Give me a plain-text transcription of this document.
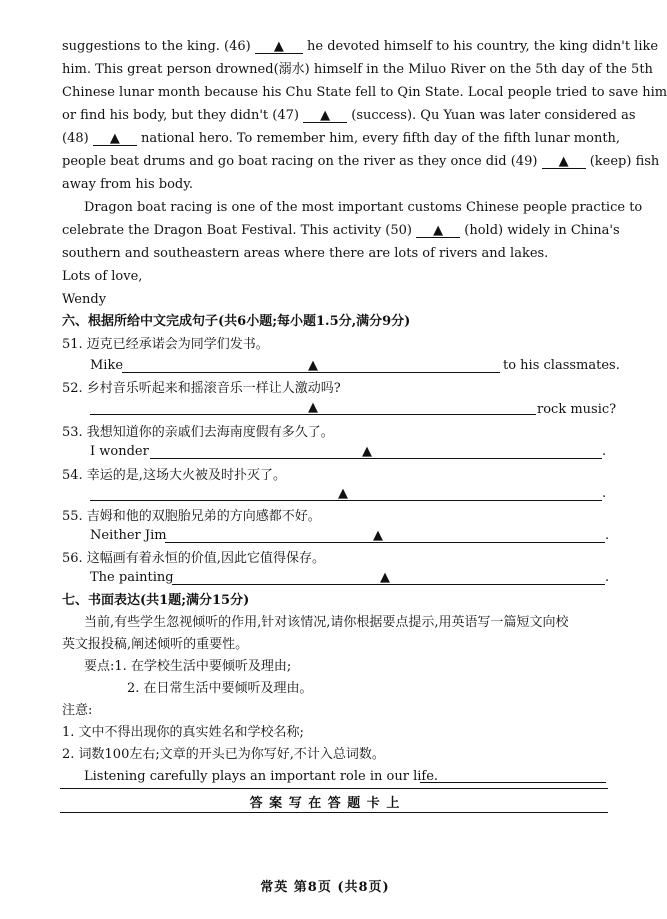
suggestions to the king. (46) ▲ he devoted himself to his country, the king didn't like
him. This great person drowned(溺水) himself in the Miluo River on the 5th day of the 5th
Chinese lunar month because his Chu State fell to Qin State. Local people tried to save him
or find his body, but they didn't (47) ▲ (success). Qu Yuan was later considered as
(48) ▲ national hero. To remember him, every fifth day of the fifth lunar month,
people beat drums and go boat racing on the river as they once did (49) ▲ (keep) fish
away from his body.
Dragon boat racing is one of the most important customs Chinese people practice to
celebrate the Dragon Boat Festival. This activity (50) ▲ (hold) widely in China's
southern and southeastern areas where there are lots of rivers and lakes.
Lots of love,
Wendy
六、根据所给中文完成句子(共6小题;每小题1.5分,满分9分)
51. 迈克已经承诺会为同学们发书。
Mike	▲	to his classmates.
52. 乡村音乐听起来和摇滚音乐一样让人激动吗?
▲	rock music?
53. 我想知道你的亲戚们去海南度假有多久了。
I wonder	▲	.
54. 幸运的是,这场大火被及时扑灭了。
▲	.
55. 吉姆和他的双胞胎兄弟的方向感都不好。
Neither Jim	▲	.
56. 这幅画有着永恒的价值,因此它值得保存。
The painting	▲	.
七、书面表达(共1题;满分15分)
当前,有些学生忽视倾听的作用,针对该情况,请你根据要点提示,用英语写一篇短文向校
英文报投稿,阐述倾听的重要性。
要点:1. 在学校生活中要倾听及理由;
2. 在日常生活中要倾听及理由。
注意:
1. 文中不得出现你的真实姓名和学校名称;
2. 词数100左右;文章的开头已为你写好,不计入总词数。
Listening carefully plays an important role in our life.
答 案 写 在 答 题 卡 上
常英 第8页 (共8页)
